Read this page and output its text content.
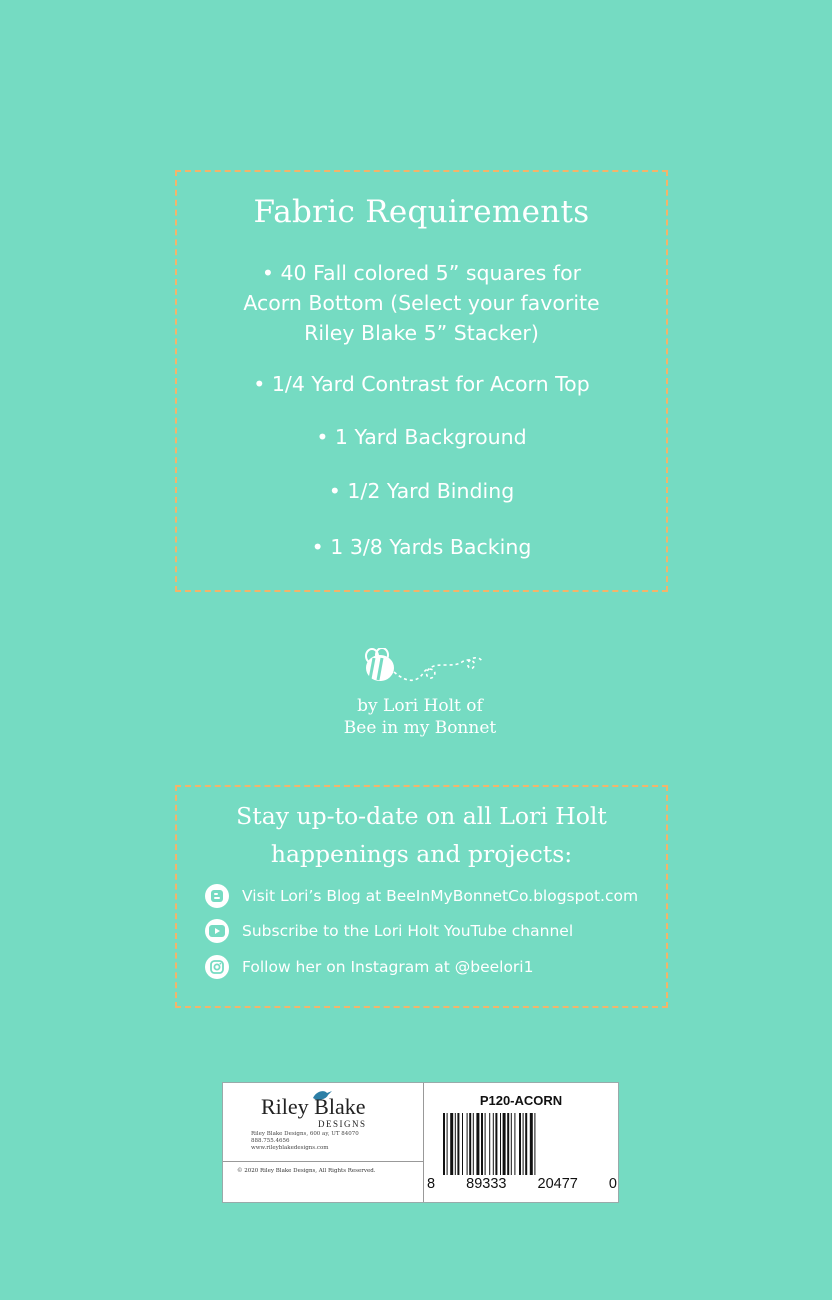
Fabric Requirements
• 40 Fall colored 5” squares for
Acorn Bottom (Select your favorite
Riley Blake 5” Stacker)
• 1/4 Yard Contrast for Acorn Top
• 1 Yard Background
• 1/2 Yard Binding
• 1 3/8 Yards Backing
by Lori Holt of
Bee in my Bonnet
Stay up-to-date on all Lori Holt
happenings and projects:
Visit Lori’s Blog at BeeInMyBonnetCo.blogspot.com
Subscribe to the Lori Holt YouTube channel
Follow her on Instagram at @beelori1
Riley Blake
DESIGNS
Riley Blake Designs, 600 ay, UT 84070
888.755.4656
www.rileyblakedesigns.com
© 2020 Riley Blake Designs, All Rights Reserved.
P120-ACORN
8 89333 20477 0
